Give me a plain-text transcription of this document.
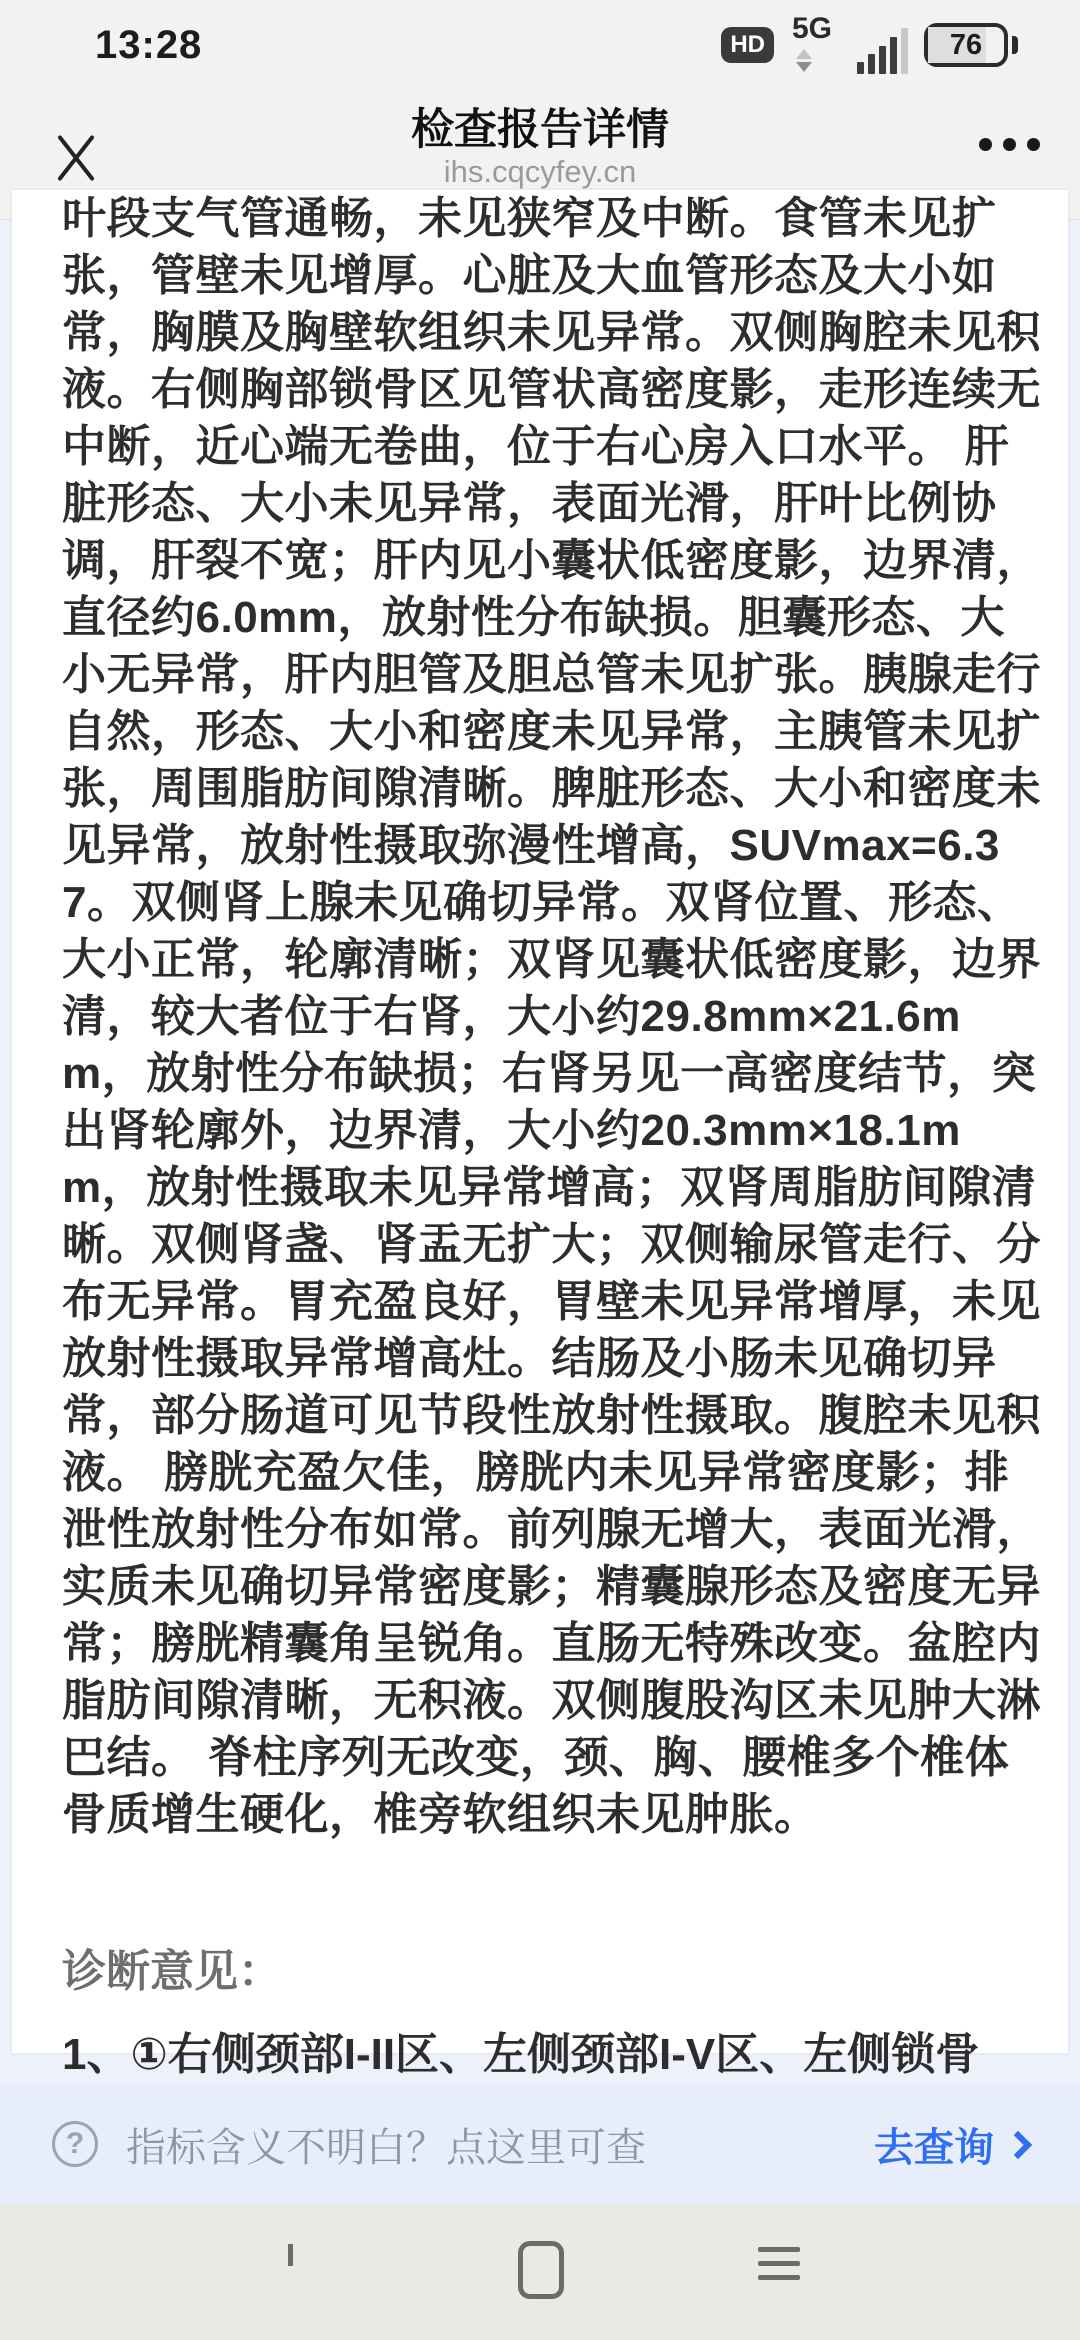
13:28	HD 5G	76
检查报告详情
ihs.cqcyfey.cn
叶段支气管通畅，未见狭窄及中断。食管未见扩
张，管壁未见增厚。心脏及大血管形态及大小如
常，胸膜及胸壁软组织未见异常。双侧胸腔未见积
液。右侧胸部锁骨区见管状高密度影，走形连续无
中断，近心端无卷曲，位于右心房入口水平。 肝
脏形态、大小未见异常，表面光滑，肝叶比例协
调，肝裂不宽；肝内见小囊状低密度影，边界清，
直径约6.0mm，放射性分布缺损。胆囊形态、大
小无异常，肝内胆管及胆总管未见扩张。胰腺走行
自然，形态、大小和密度未见异常，主胰管未见扩
张，周围脂肪间隙清晰。脾脏形态、大小和密度未
见异常，放射性摄取弥漫性增高，SUVmax=6.3
7。双侧肾上腺未见确切异常。双肾位置、形态、
大小正常，轮廓清晰；双肾见囊状低密度影，边界
清，较大者位于右肾，大小约29.8mm×21.6m
m，放射性分布缺损；右肾另见一高密度结节，突
出肾轮廓外，边界清，大小约20.3mm×18.1m
m，放射性摄取未见异常增高；双肾周脂肪间隙清
晰。双侧肾盏、肾盂无扩大；双侧输尿管走行、分
布无异常。胃充盈良好，胃壁未见异常增厚，未见
放射性摄取异常增高灶。结肠及小肠未见确切异
常，部分肠道可见节段性放射性摄取。腹腔未见积
液。 膀胱充盈欠佳，膀胱内未见异常密度影；排
泄性放射性分布如常。前列腺无增大，表面光滑，
实质未见确切异常密度影；精囊腺形态及密度无异
常；膀胱精囊角呈锐角。直肠无特殊改变。盆腔内
脂肪间隙清晰，无积液。双侧腹股沟区未见肿大淋
巴结。 脊柱序列无改变，颈、胸、腰椎多个椎体
骨质增生硬化，椎旁软组织未见肿胀。
诊断意见：
1、①右侧颈部I-II区、左侧颈部I-V区、左侧锁骨
?	指标含义不明白？点这里可查	去查询
